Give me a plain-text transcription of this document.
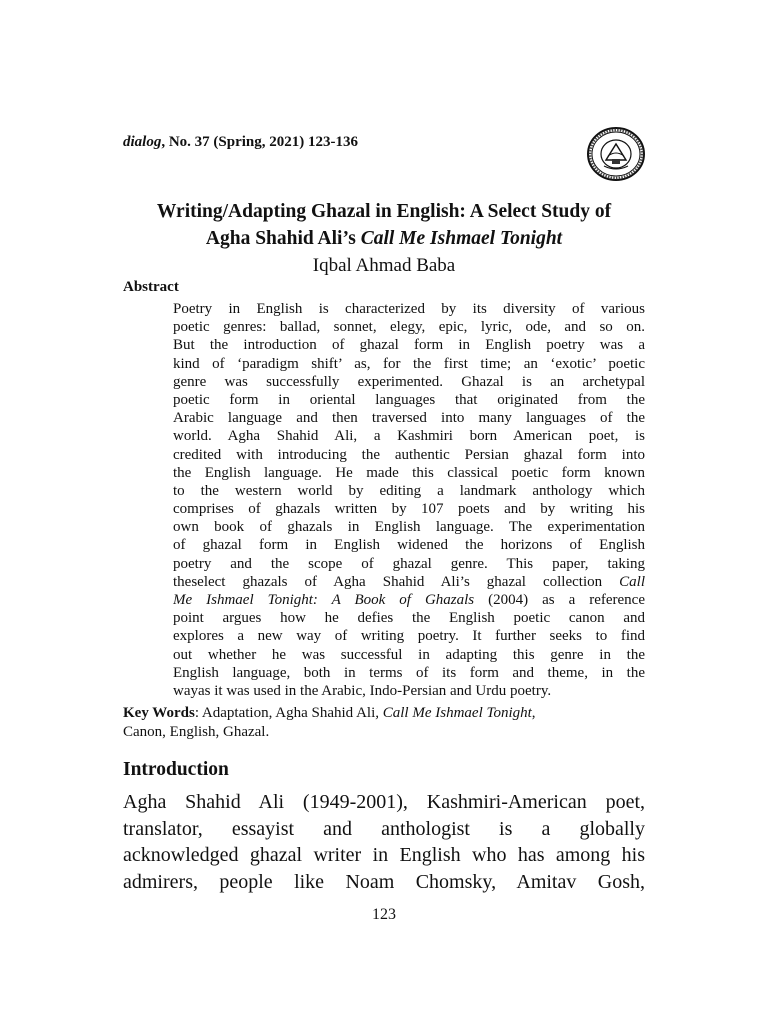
dialog, No. 37 (Spring, 2021) 123-136
Writing/Adapting Ghazal in English: A Select Study of
Agha Shahid Ali’s Call Me Ishmael Tonight
Iqbal Ahmad Baba
Abstract
Poetry in English is characterized by its diversity of various
poetic genres: ballad, sonnet, elegy, epic, lyric, ode, and so on.
But the introduction of ghazal form in English poetry was a
kind of ‘paradigm shift’ as, for the first time; an ‘exotic’ poetic
genre was successfully experimented. Ghazal is an archetypal
poetic form in oriental languages that originated from the
Arabic language and then traversed into many languages of the
world. Agha Shahid Ali, a Kashmiri born American poet, is
credited with introducing the authentic Persian ghazal form into
the English language. He made this classical poetic form known
to the western world by editing a landmark anthology which
comprises of ghazals written by 107 poets and by writing his
own book of ghazals in English language. The experimentation
of ghazal form in English widened the horizons of English
poetry and the scope of ghazal genre. This paper, taking
theselect ghazals of Agha Shahid Ali’s ghazal collection Call
Me Ishmael Tonight: A Book of Ghazals (2004) as a reference
point argues how he defies the English poetic canon and
explores a new way of writing poetry. It further seeks to find
out whether he was successful in adapting this genre in the
English language, both in terms of its form and theme, in the
wayas it was used in the Arabic, Indo-Persian and Urdu poetry.
Key Words: Adaptation, Agha Shahid Ali, Call Me Ishmael Tonight,
Canon, English, Ghazal.
Introduction
Agha Shahid Ali (1949-2001), Kashmiri-American poet,
translator, essayist and anthologist is a globally
acknowledged ghazal writer in English who has among his
admirers, people like Noam Chomsky, Amitav Gosh,
123
